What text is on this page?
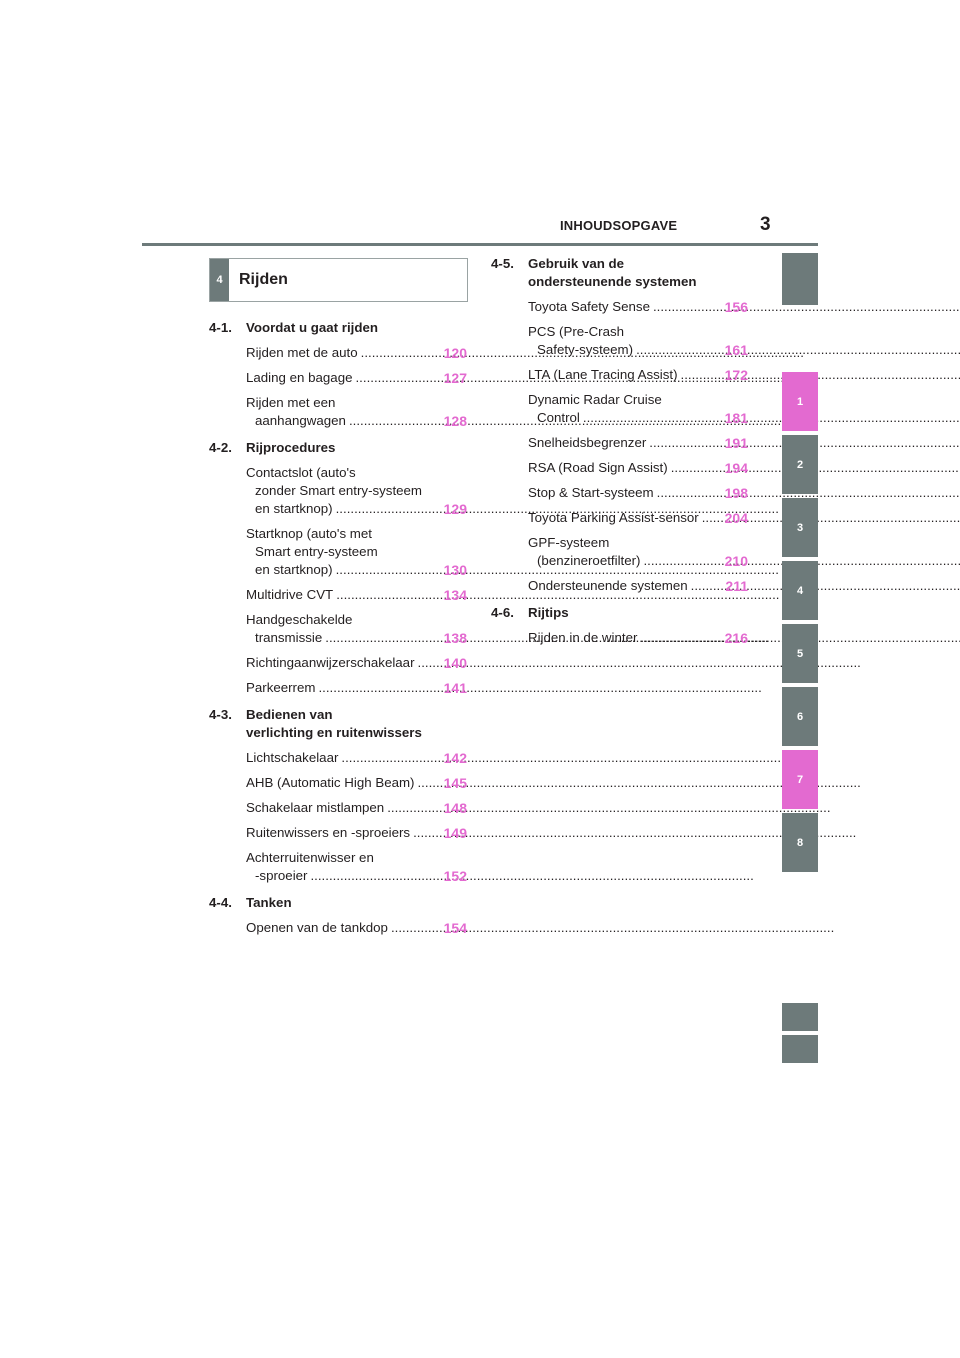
INHOUDSOPGAVE	3
4	Rijden
4-1.	Voordat u gaat rijden
Rijden met de auto .....	120
Lading en bagage .....	127
Rijden met een
aanhangwagen .....	128
4-2.	Rijprocedures
Contactslot (auto's
zonder Smart entry-systeem
en startknop) .....	129
Startknop (auto's met
Smart entry-systeem
en startknop) .....	130
Multidrive CVT .....	134
Handgeschakelde
transmissie .....	138
Richtingaanwijzerschakelaar .....	140
Parkeerrem .....	141
4-3.	Bedienen van
verlichting en ruitenwissers
Lichtschakelaar .....	142
AHB (Automatic High Beam) .....	145
Schakelaar mistlampen .....	148
Ruitenwissers en -sproeiers .....	149
Achterruitenwisser en
-sproeier .....	152
4-4.	Tanken
Openen van de tankdop .....	154
4-5.	Gebruik van de
ondersteunende systemen
Toyota Safety Sense .....	156
PCS (Pre-Crash
Safety-systeem) .....	161
LTA (Lane Tracing Assist) .....	172
Dynamic Radar Cruise
Control .....	181
Snelheidsbegrenzer .....	191
RSA (Road Sign Assist) .....	194
Stop & Start-systeem .....	198
Toyota Parking Assist-sensor .....	204
GPF-systeem
(benzineroetfilter) .....	210
Ondersteunende systemen .....	211
4-6.	Rijtips
Rijden in de winter .....	216
1
2
3
4
5
6
7
8
